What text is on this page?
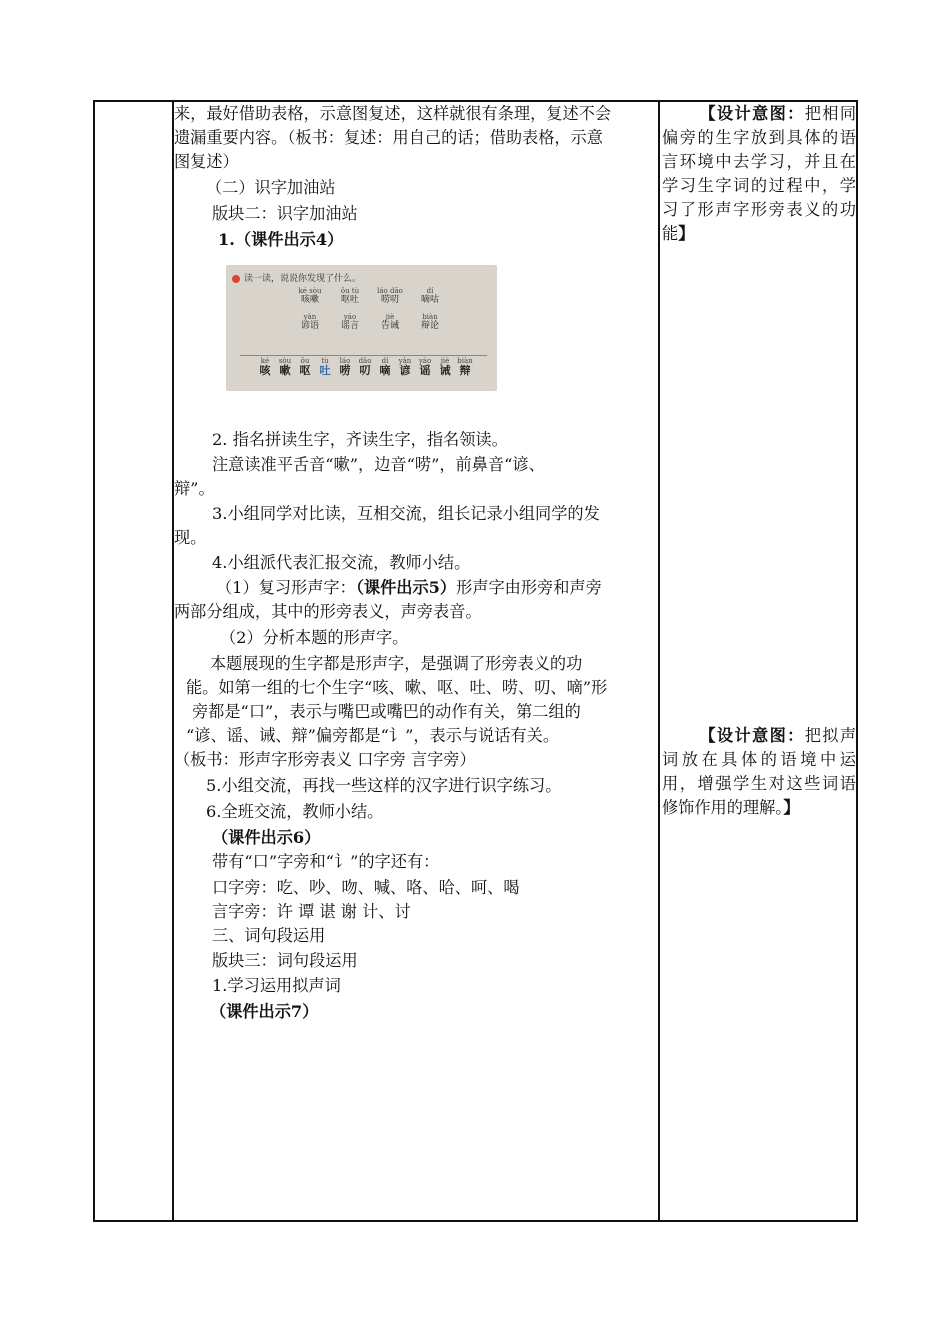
来，最好借助表格，示意图复述，这样就很有条理，复述不会
遗漏重要内容。（板书：复述：用自己的话；借助表格，示意
图复述）
（二）识字加油站
版块二：识字加油站
1.（课件出示4）
读一读，说说你发现了什么。
ké sòu
咳嗽
ǒu tù
呕吐
láo dāo
唠叨
dí
嘀咕
yàn
谚语
yáo
谣言
jiè
告诫
biàn
辩论
ké
咳
sòu
嗽
ǒu
呕
tù
吐
láo
唠
dāo
叨
dí
嘀
yàn
谚
yáo
谣
jiè
诫
biàn
辩
2. 指名拼读生字，齐读生字，指名领读。
注意读准平舌音“嗽”，边音“唠”，前鼻音“谚、
辩”。
3.小组同学对比读，互相交流，组长记录小组同学的发
现。
4.小组派代表汇报交流，教师小结。
（1）复习形声字：（课件出示5）形声字由形旁和声旁
两部分组成，其中的形旁表义，声旁表音。
（2）分析本题的形声字。
本题展现的生字都是形声字，是强调了形旁表义的功
能。如第一组的七个生字“咳、嗽、呕、吐、唠、叨、嘀”形
旁都是“口”，表示与嘴巴或嘴巴的动作有关，第二组的
“谚、谣、诫、辩”偏旁都是“讠”，表示与说话有关。
（板书：形声字形旁表义 口字旁 言字旁）
5.小组交流，再找一些这样的汉字进行识字练习。
6.全班交流，教师小结。
（课件出示6）
带有“口”字旁和“讠”的字还有：
口字旁：吃、吵、吻、喊、咯、哈、呵、喝
言字旁：许 谭 谌 谢 计、讨
三、词句段运用
版块三：词句段运用
1.学习运用拟声词
（课件出示7）
【设计意图：把相同偏旁的生字放到具体的语言环境中去学习，并且在学习生字词的过程中，学习了形声字形旁表义的功能】
【设计意图：把拟声词放在具体的语境中运用，增强学生对这些词语修饰作用的理解。】
